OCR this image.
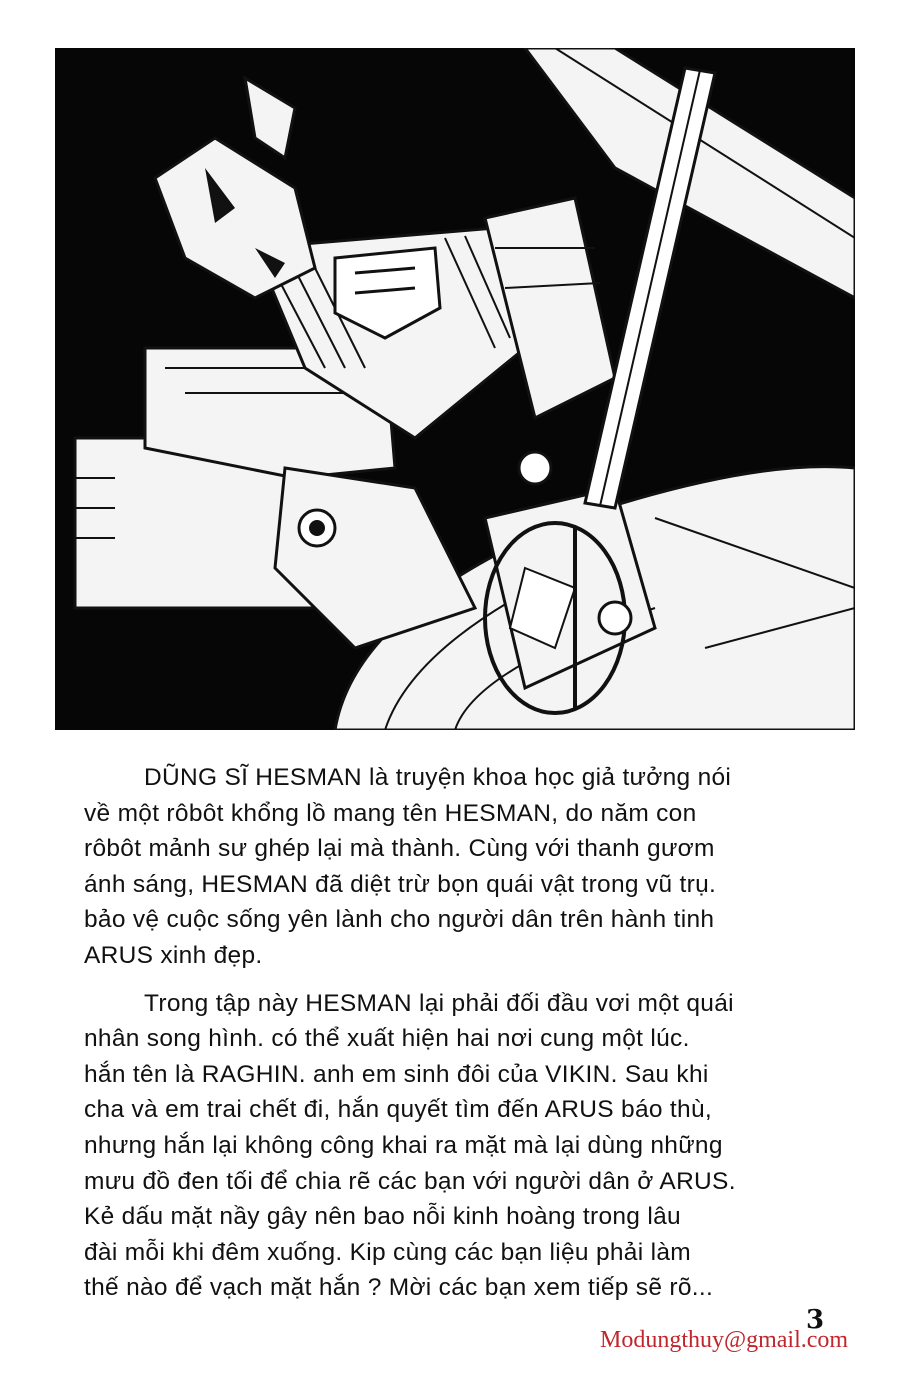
DŨNG SĨ HESMAN là truyện khoa học giả tưởng nói
về một rôbôt khổng lồ mang tên HESMAN, do năm con
rôbôt mảnh sư ghép lại mà thành. Cùng với thanh gươm
ánh sáng, HESMAN đã diệt trừ bọn quái vật trong vũ trụ.
bảo vệ cuộc sống yên lành cho người dân trên hành tinh
ARUS xinh đẹp.

Trong tập này HESMAN lại phải đối đầu vơi một quái
nhân song hình. có thể xuất hiện hai nơi cung một lúc.
hắn tên là RAGHIN. anh em sinh đôi của VIKIN. Sau khi
cha và em trai chết đi, hắn quyết tìm đến ARUS báo thù,
nhưng hắn lại không công khai ra mặt mà lại dùng những
mưu đồ đen tối để chia rẽ các bạn với người dân ở ARUS.
Kẻ dấu mặt nầy gây nên bao nỗi kinh hoàng trong lâu
đài mỗi khi đêm xuống. Kip cùng các bạn liệu phải làm
thế nào để vạch mặt hắn ? Mời các bạn xem tiếp sẽ rõ...

3
Modungthuy@gmail.com
